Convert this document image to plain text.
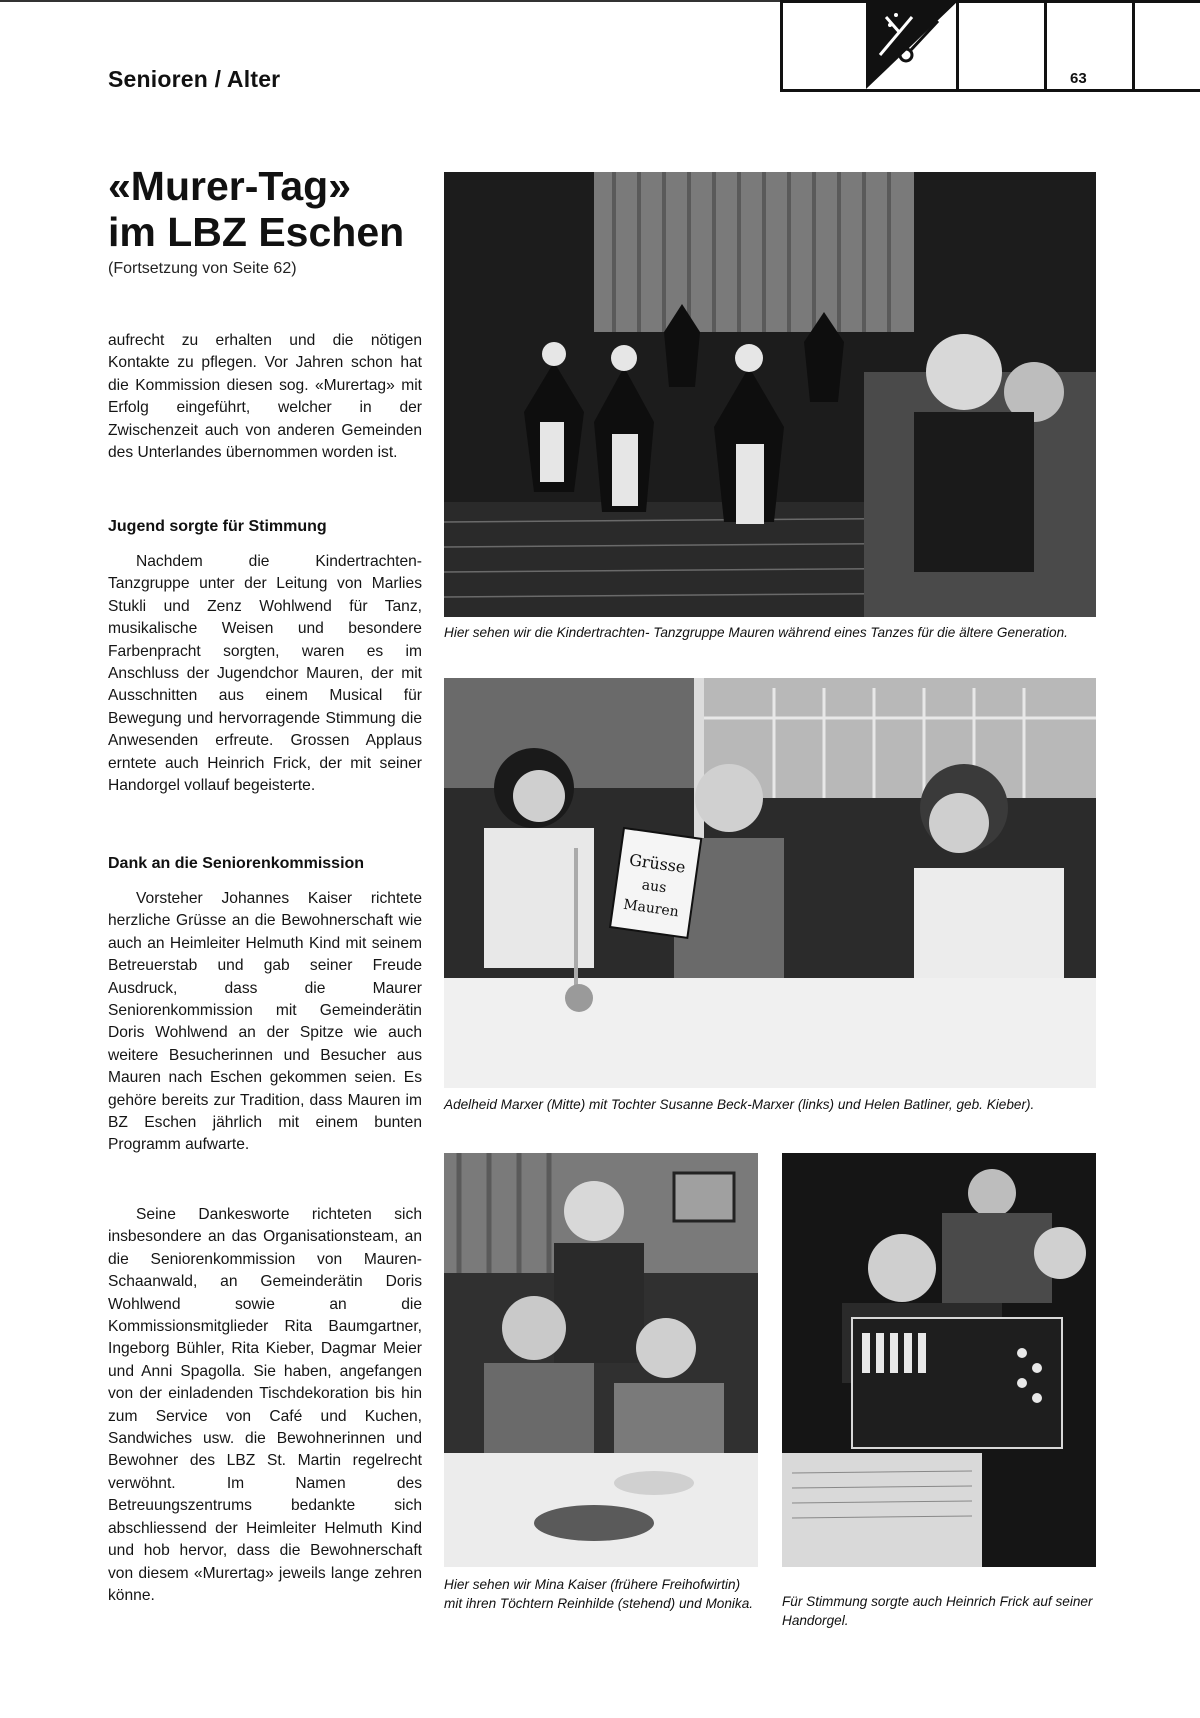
Senioren / Alter	63
«Murer-Tag»
im LBZ Eschen
(Fortsetzung von Seite 62)

aufrecht zu erhalten und die nötigen Kontakte zu pflegen. Vor Jahren schon hat die Kommission diesen sog. «Murertag» mit Erfolg eingeführt, welcher in der Zwischenzeit auch von anderen Gemeinden des Unterlandes übernommen worden ist.

Jugend sorgte für Stimmung

Nachdem die Kindertrachten- Tanzgruppe unter der Leitung von Marlies Stukli und Zenz Wohlwend für Tanz, musikalische Weisen und besondere Farbenpracht sorgten, waren es im Anschluss der Jugendchor Mauren, der mit Ausschnitten aus einem Musical für Bewegung und hervorragende Stimmung die Anwesenden erfreute. Grossen Applaus erntete auch Heinrich Frick, der mit seiner Handorgel vollauf begeisterte.

Dank an die Seniorenkommission

Vorsteher Johannes Kaiser richtete herzliche Grüsse an die Bewohnerschaft wie auch an Heimleiter Helmuth Kind mit seinem Betreuerstab und gab seiner Freude Ausdruck, dass die Maurer Seniorenkommission mit Gemeinderätin Doris Wohlwend an der Spitze wie auch weitere Besucherinnen und Besucher aus Mauren nach Eschen gekommen seien. Es gehöre bereits zur Tradition, dass Mauren im BZ Eschen jährlich mit einem bunten Programm aufwarte.

Seine Dankesworte richteten sich insbesondere an das Organisationsteam, an die Seniorenkommission von Mauren-Schaanwald, an Gemeinderätin Doris Wohlwend sowie an die Kommissionsmitglieder Rita Baumgartner, Ingeborg Bühler, Rita Kieber, Dagmar Meier und Anni Spagolla. Sie haben, angefangen von der einladenden Tischdekoration bis hin zum Service von Café und Kuchen, Sandwiches usw. die Bewohnerinnen und Bewohner des LBZ St. Martin regelrecht verwöhnt. Im Namen des Betreuungszentrums bedankte sich abschliessend der Heimleiter Helmuth Kind und hob hervor, dass die Bewohnerschaft von diesem «Murertag» jeweils lange zehren könne.

Hier sehen wir die Kindertrachten- Tanzgruppe Mauren während eines Tanzes für die ältere Generation.
Grüsse
aus
Mauren
Adelheid Marxer (Mitte) mit Tochter Susanne Beck-Marxer (links) und Helen Batliner, geb. Kieber).
Hier sehen wir Mina Kaiser (frühere Freihofwirtin) mit ihren Töchtern Reinhilde (stehend) und Monika.	Für Stimmung sorgte auch Heinrich Frick auf seiner Handorgel.
